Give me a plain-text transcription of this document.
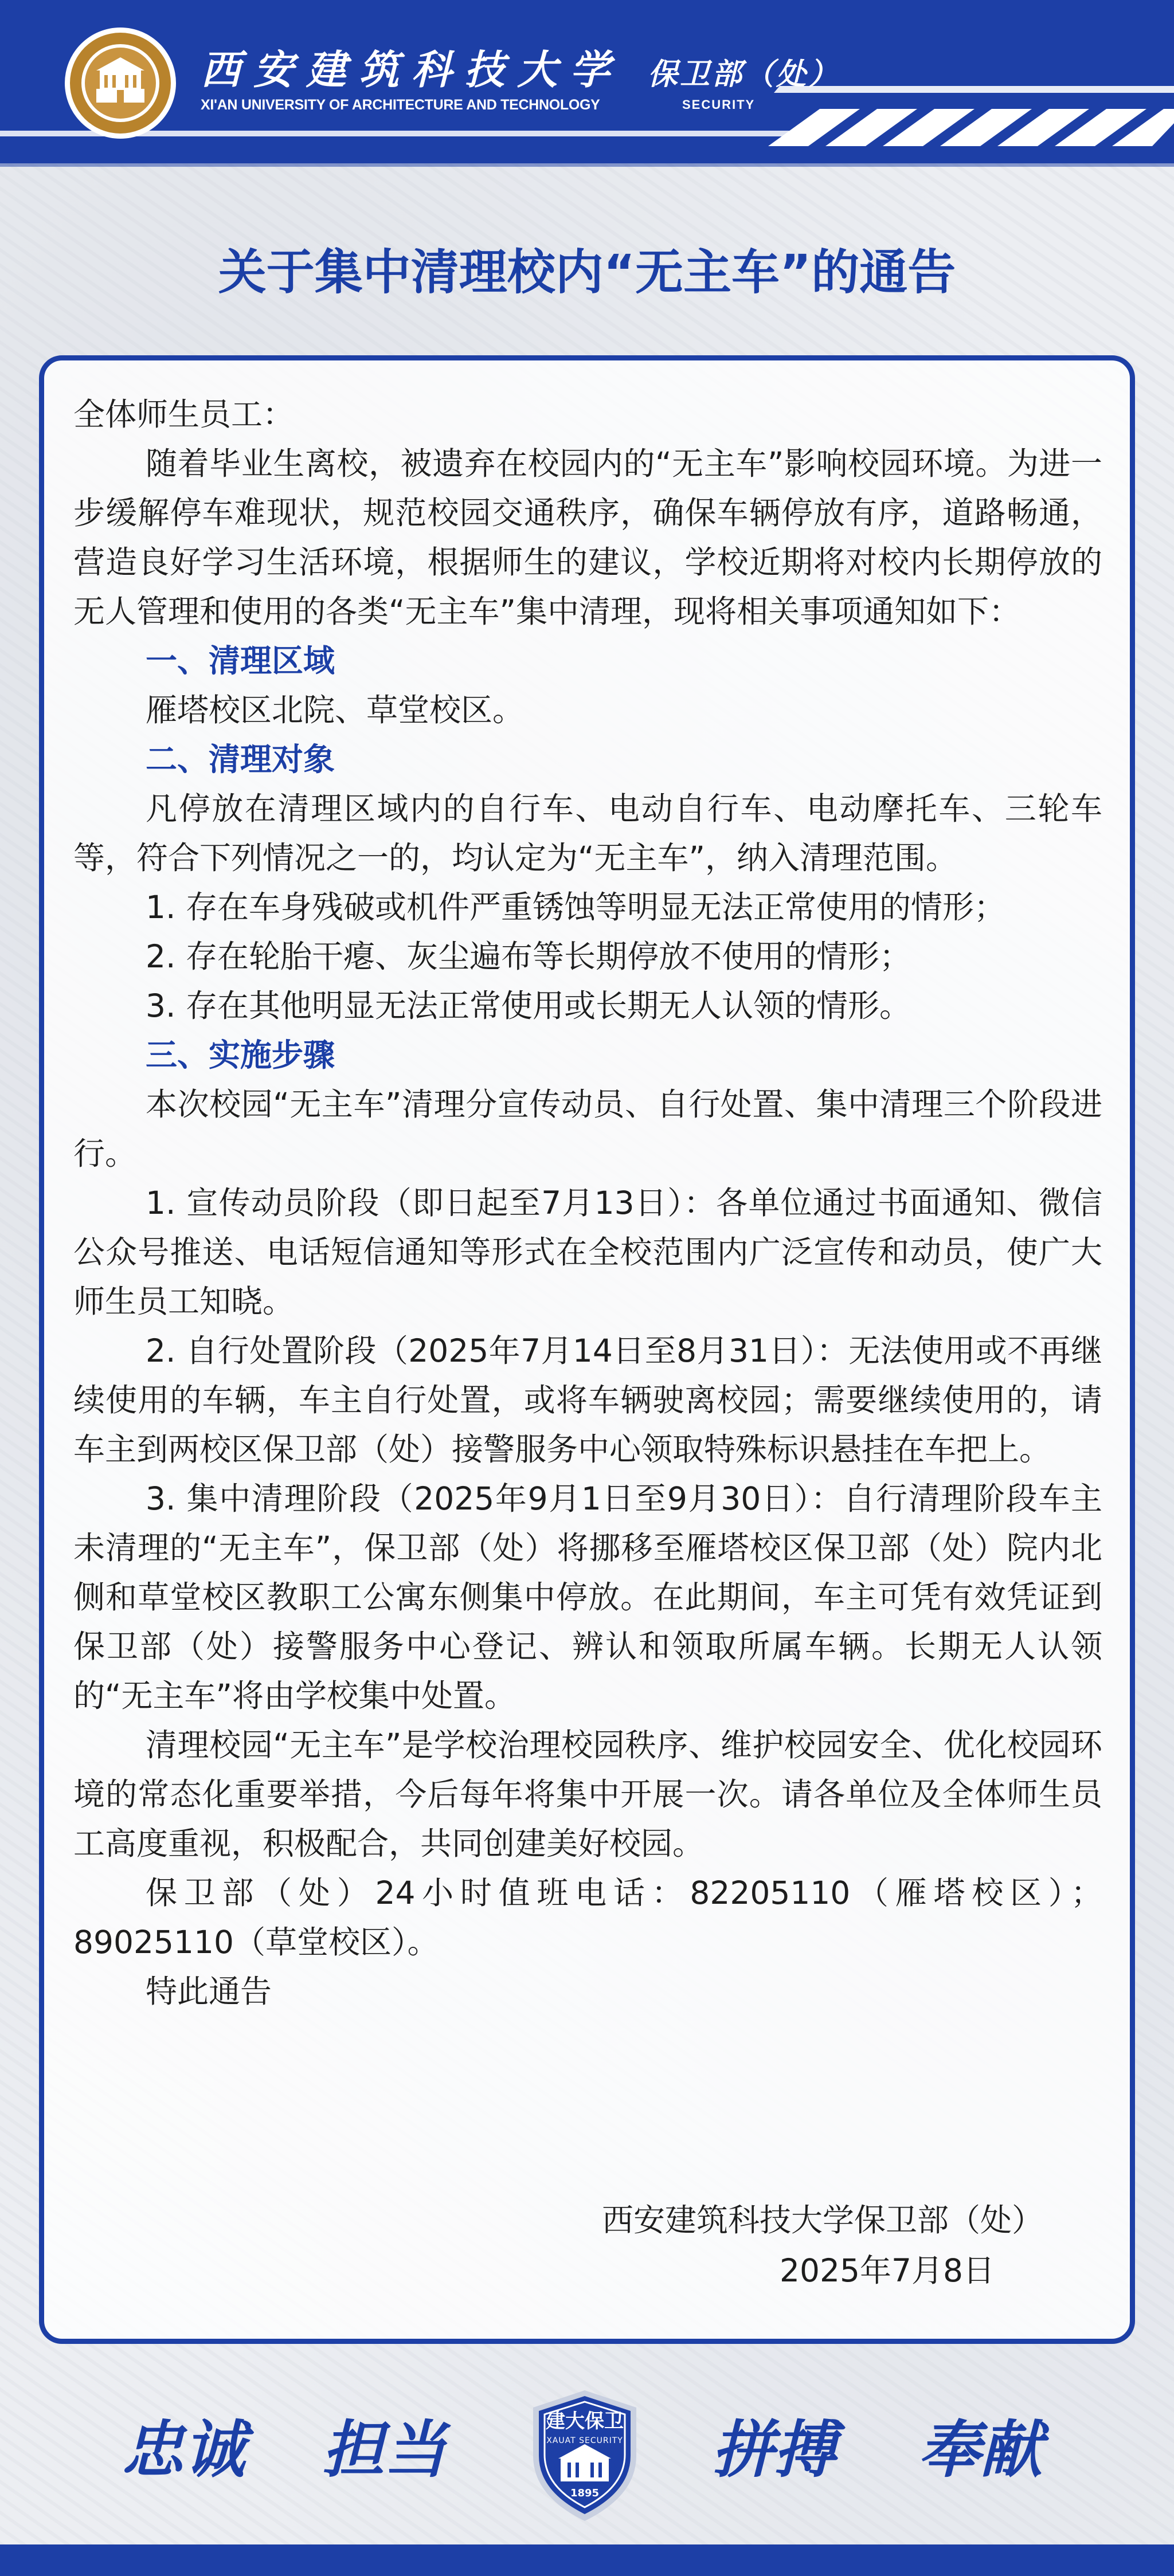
西安建筑科技大学
XI'AN UNIVERSITY OF ARCHITECTURE AND TECHNOLOGY
保卫部（处）
SECURITY
关于集中清理校内“无主车”的通告

全体师生员工：

随着毕业生离校，被遗弃在校园内的“无主车”影响校园环境。为进一步缓解停车难现状，规范校园交通秩序，确保车辆停放有序，道路畅通，营造良好学习生活环境，根据师生的建议，学校近期将对校内长期停放的无人管理和使用的各类“无主车”集中清理，现将相关事项通知如下：

一、清理区域

雁塔校区北院、草堂校区。

二、清理对象

凡停放在清理区域内的自行车、电动自行车、电动摩托车、三轮车等，符合下列情况之一的，均认定为“无主车”，纳入清理范围。

1. 存在车身残破或机件严重锈蚀等明显无法正常使用的情形；

2. 存在轮胎干瘪、灰尘遍布等长期停放不使用的情形；

3. 存在其他明显无法正常使用或长期无人认领的情形。

三、实施步骤

本次校园“无主车”清理分宣传动员、自行处置、集中清理三个阶段进行。

1. 宣传动员阶段（即日起至7月13日）：各单位通过书面通知、微信公众号推送、电话短信通知等形式在全校范围内广泛宣传和动员，使广大师生员工知晓。

2. 自行处置阶段（2025年7月14日至8月31日）：无法使用或不再继续使用的车辆，车主自行处置，或将车辆驶离校园；需要继续使用的，请车主到两校区保卫部（处）接警服务中心领取特殊标识悬挂在车把上。

3. 集中清理阶段（2025年9月1日至9月30日）：自行清理阶段车主未清理的“无主车”，保卫部（处）将挪移至雁塔校区保卫部（处）院内北侧和草堂校区教职工公寓东侧集中停放。在此期间，车主可凭有效凭证到保卫部（处）接警服务中心登记、辨认和领取所属车辆。长期无人认领的“无主车”将由学校集中处置。

清理校园“无主车”是学校治理校园秩序、维护校园安全、优化校园环境的常态化重要举措，今后每年将集中开展一次。请各单位及全体师生员工高度重视，积极配合，共同创建美好校园。

保卫部（处）24小时值班电话：82205110（雁塔校区）；89025110（草堂校区）。

特此通告

西安建筑科技大学保卫部（处）
2025年7月8日
忠诚	担当	拼搏	奉献
建大保卫
XAUAT SECURITY
1895
